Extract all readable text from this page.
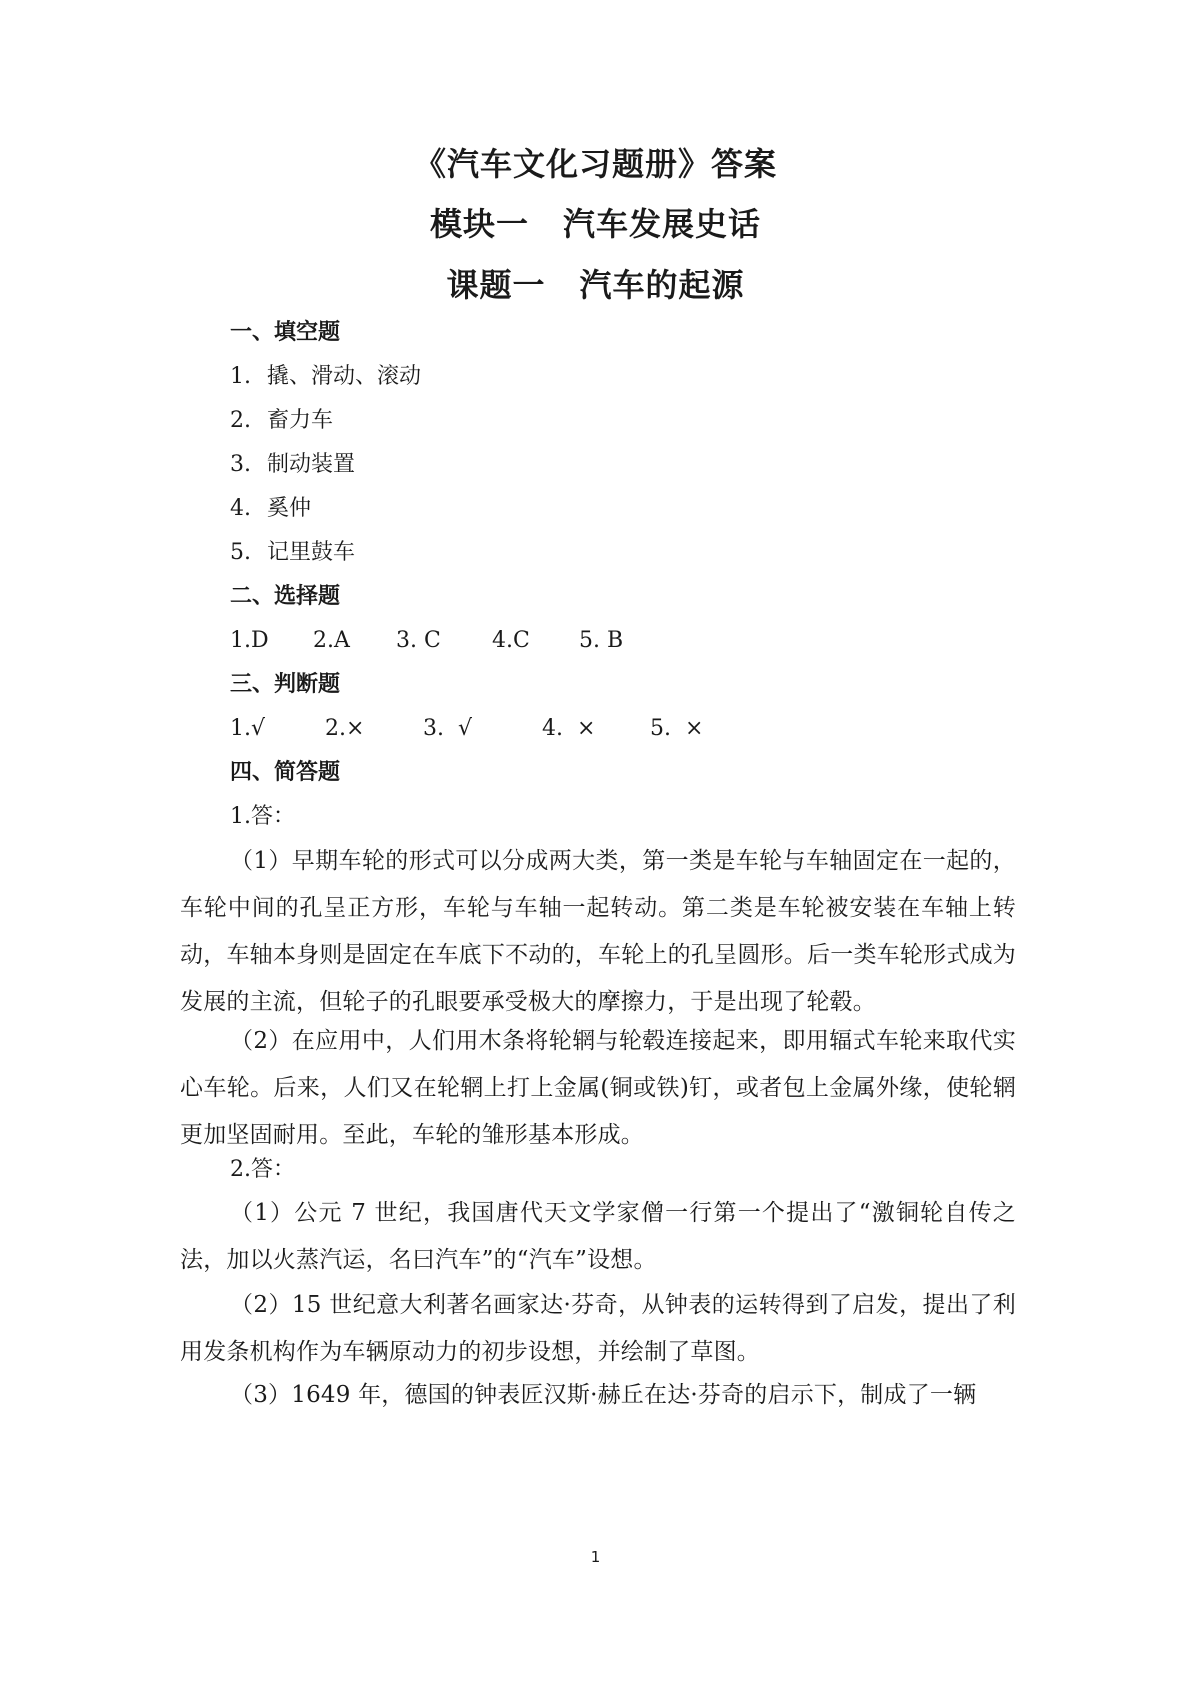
《汽车文化习题册》答案
模块一 汽车发展史话
课题一 汽车的起源
一、填空题
1. 撬、滑动、滚动
2. 畜力车
3. 制动装置
4. 奚仲
5. 记里鼓车
二、选择题

1.D

2.A

3. C

4.C

5. B

三、判断题

1.√

	2.×

	3.  √

	4.  ×

5.  ×

四、简答题
1.答：
（1）早期车轮的形式可以分成两大类，第一类是车轮与车轴固定在一起的，车轮中间的孔呈正方形，车轮与车轴一起转动。第二类是车轮被安装在车轴上转动，车轴本身则是固定在车底下不动的，车轮上的孔呈圆形。后一类车轮形式成为发展的主流，但轮子的孔眼要承受极大的摩擦力，于是出现了轮毂。
（2）在应用中，人们用木条将轮辋与轮毂连接起来，即用辐式车轮来取代实心车轮。后来，人们又在轮辋上打上金属(铜或铁)钉，或者包上金属外缘，使轮辋更加坚固耐用。至此，车轮的雏形基本形成。
2.答：
（1）公元 7 世纪，我国唐代天文学家僧一行第一个提出了“激铜轮自传之法，加以火蒸汽运，名曰汽车”的“汽车”设想。
（2）15 世纪意大利著名画家达·芬奇，从钟表的运转得到了启发，提出了利用发条机构作为车辆原动力的初步设想，并绘制了草图。
（3）1649 年，德国的钟表匠汉斯·赫丘在达·芬奇的启示下，制成了一辆
1
